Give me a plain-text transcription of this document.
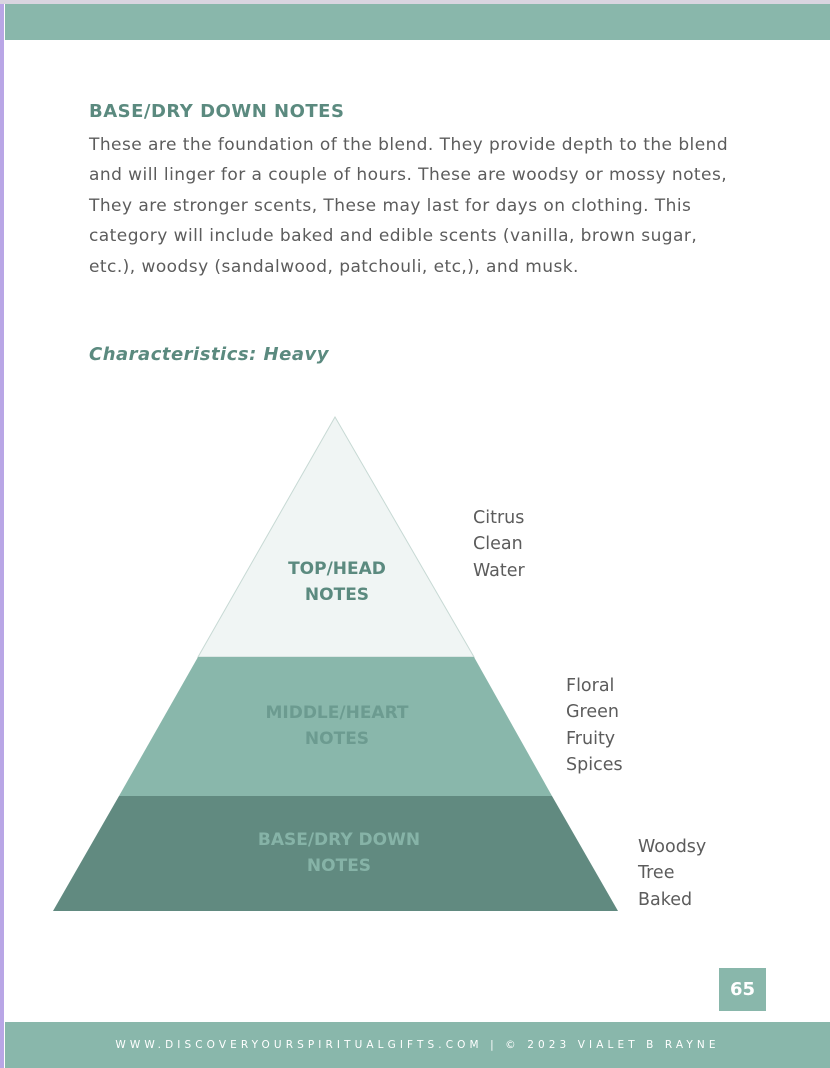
BASE/DRY DOWN NOTES

These are the foundation of the blend. They provide depth to the blend and will linger for a couple of hours. These are woodsy or mossy notes, They are stronger scents, These may last for days on clothing. This category will include baked and edible scents (vanilla, brown sugar, etc.), woodsy (sandalwood, patchouli, etc,), and musk.

Characteristics: Heavy

TOP/HEAD
NOTES
MIDDLE/HEART
NOTES
BASE/DRY DOWN
NOTES
Citrus
Clean
Water
Floral
Green
Fruity
Spices
Woodsy
Tree
Baked
65
WWW.DISCOVERYOURSPIRITUALGIFTS.COM | © 2023 VIALET B RAYNE
